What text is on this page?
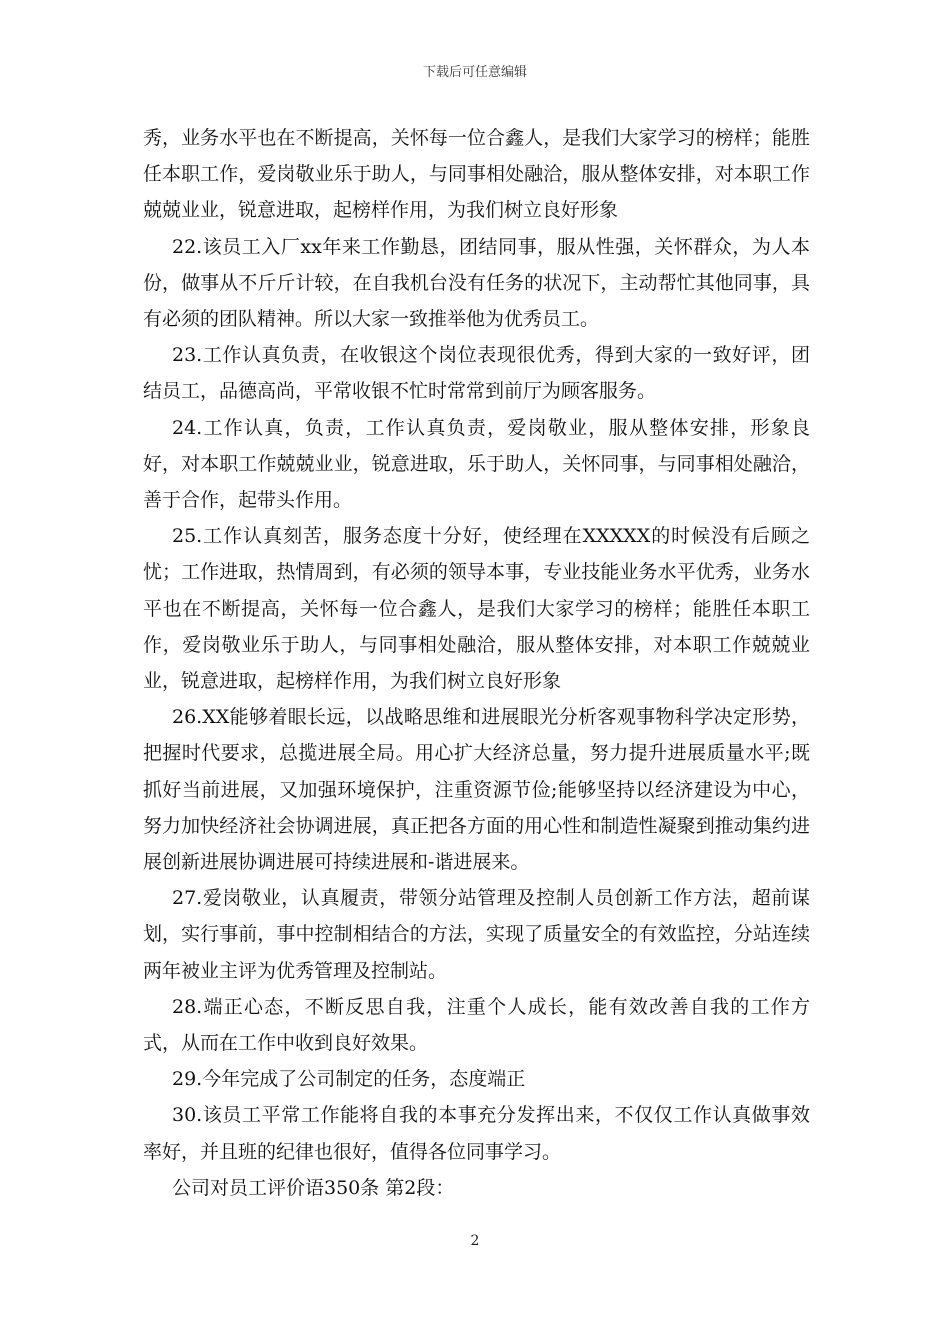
下载后可任意编辑

秀，业务水平也在不断提高，关怀每一位合鑫人，是我们大家学习的榜样；能胜任本职工作，爱岗敬业乐于助人，与同事相处融洽，服从整体安排，对本职工作兢兢业业，锐意进取，起榜样作用，为我们树立良好形象

22.该员工入厂xx年来工作勤恳，团结同事，服从性强，关怀群众，为人本份，做事从不斤斤计较，在自我机台没有任务的状况下，主动帮忙其他同事，具有必须的团队精神。所以大家一致推举他为优秀员工。

23.工作认真负责，在收银这个岗位表现很优秀，得到大家的一致好评，团结员工，品德高尚，平常收银不忙时常常到前厅为顾客服务。

24.工作认真，负责，工作认真负责，爱岗敬业，服从整体安排，形象良好，对本职工作兢兢业业，锐意进取，乐于助人，关怀同事，与同事相处融洽，善于合作，起带头作用。

25.工作认真刻苦，服务态度十分好，使经理在XXXXX的时候没有后顾之忧；工作进取，热情周到，有必须的领导本事，专业技能业务水平优秀，业务水平也在不断提高，关怀每一位合鑫人，是我们大家学习的榜样；能胜任本职工作，爱岗敬业乐于助人，与同事相处融洽，服从整体安排，对本职工作兢兢业业，锐意进取，起榜样作用，为我们树立良好形象

26.XX能够着眼长远，以战略思维和进展眼光分析客观事物科学决定形势，把握时代要求，总揽进展全局。用心扩大经济总量，努力提升进展质量水平;既抓好当前进展，又加强环境保护，注重资源节俭;能够坚持以经济建设为中心，努力加快经济社会协调进展，真正把各方面的用心性和制造性凝聚到推动集约进展创新进展协调进展可持续进展和-谐进展来。

27.爱岗敬业，认真履责，带领分站管理及控制人员创新工作方法，超前谋划，实行事前，事中控制相结合的方法，实现了质量安全的有效监控，分站连续两年被业主评为优秀管理及控制站。

28.端正心态，不断反思自我，注重个人成长，能有效改善自我的工作方式，从而在工作中收到良好效果。

29.今年完成了公司制定的任务，态度端正

30.该员工平常工作能将自我的本事充分发挥出来，不仅仅工作认真做事效率好，并且班的纪律也很好，值得各位同事学习。

公司对员工评价语350条 第2段：

2
